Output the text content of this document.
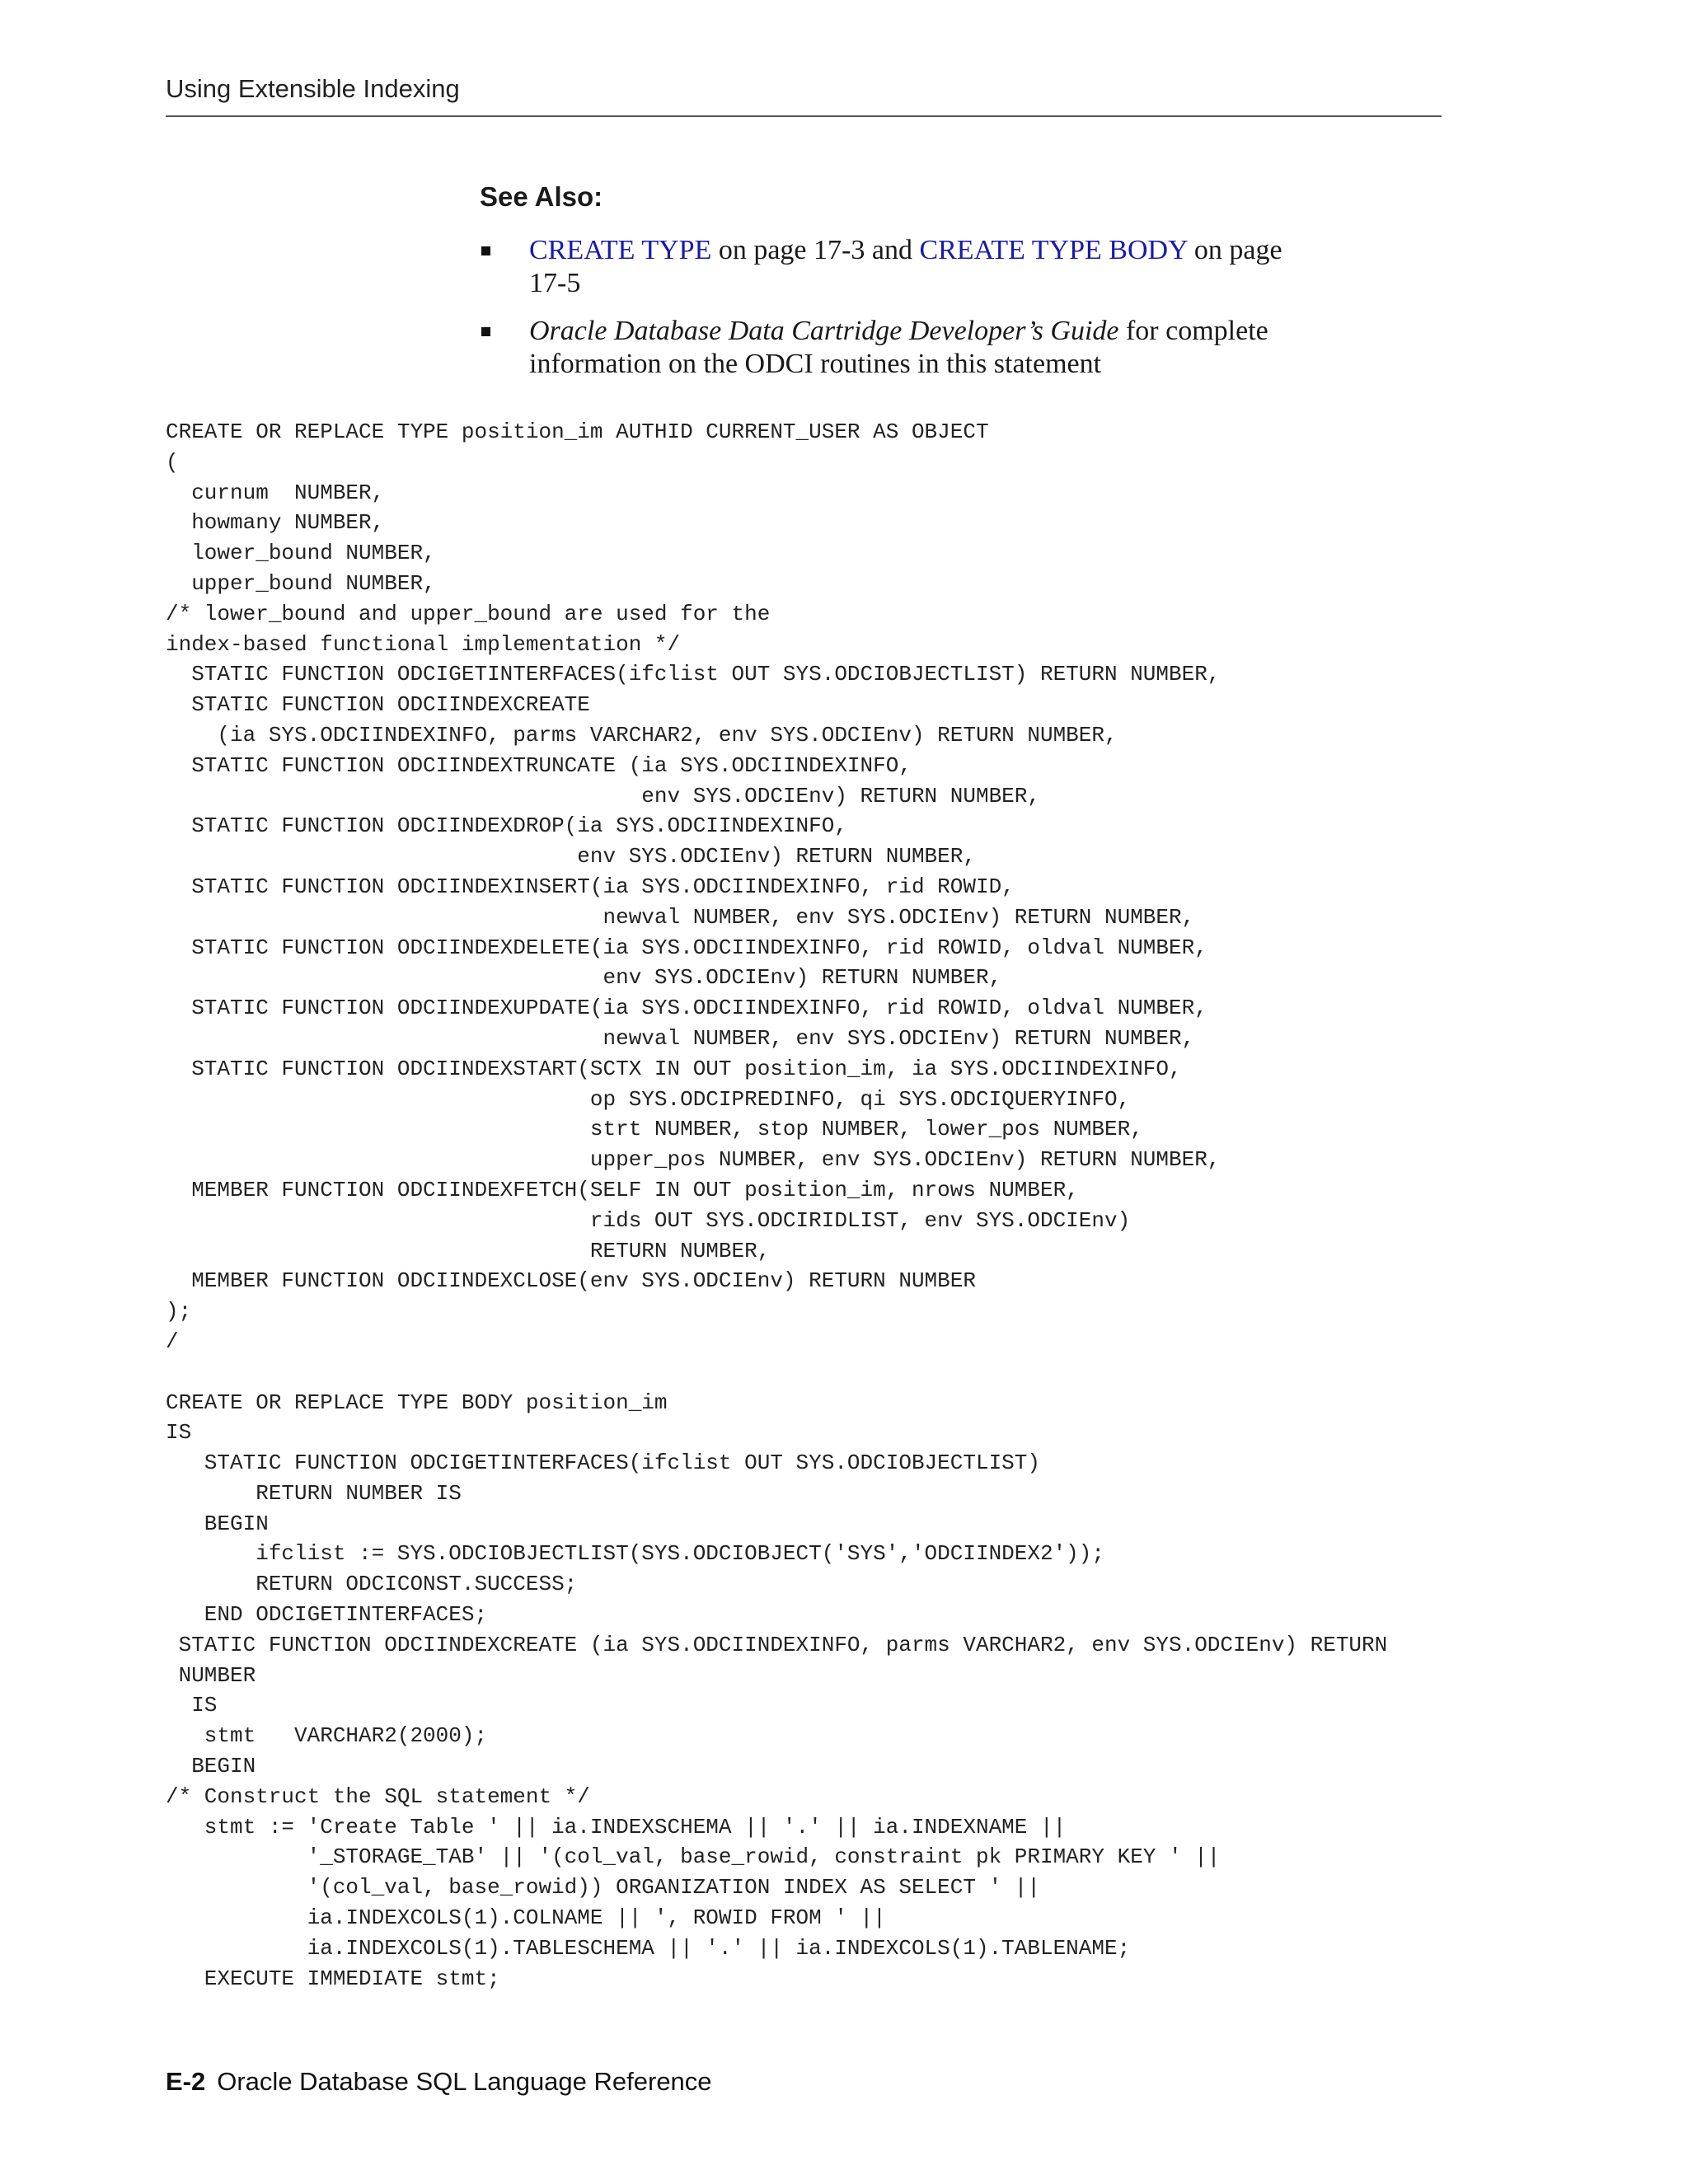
Using Extensible Indexing
See Also:
CREATE TYPE on page 17-3 and CREATE TYPE BODY on page 17-5
Oracle Database Data Cartridge Developer’s Guide for complete information on the ODCI routines in this statement
CREATE OR REPLACE TYPE position_im AUTHID CURRENT_USER AS OBJECT
(
curnum  NUMBER,
howmany NUMBER,
lower_bound NUMBER,
upper_bound NUMBER,
/* lower_bound and upper_bound are used for the
index-based functional implementation */
STATIC FUNCTION ODCIGETINTERFACES(ifclist OUT SYS.ODCIOBJECTLIST) RETURN NUMBER,
STATIC FUNCTION ODCIINDEXCREATE
(ia SYS.ODCIINDEXINFO, parms VARCHAR2, env SYS.ODCIEnv) RETURN NUMBER,
STATIC FUNCTION ODCIINDEXTRUNCATE (ia SYS.ODCIINDEXINFO,
env SYS.ODCIEnv) RETURN NUMBER,
STATIC FUNCTION ODCIINDEXDROP(ia SYS.ODCIINDEXINFO,
env SYS.ODCIEnv) RETURN NUMBER,
STATIC FUNCTION ODCIINDEXINSERT(ia SYS.ODCIINDEXINFO, rid ROWID,
newval NUMBER, env SYS.ODCIEnv) RETURN NUMBER,
STATIC FUNCTION ODCIINDEXDELETE(ia SYS.ODCIINDEXINFO, rid ROWID, oldval NUMBER,
env SYS.ODCIEnv) RETURN NUMBER,
STATIC FUNCTION ODCIINDEXUPDATE(ia SYS.ODCIINDEXINFO, rid ROWID, oldval NUMBER,
newval NUMBER, env SYS.ODCIEnv) RETURN NUMBER,
STATIC FUNCTION ODCIINDEXSTART(SCTX IN OUT position_im, ia SYS.ODCIINDEXINFO,
op SYS.ODCIPREDINFO, qi SYS.ODCIQUERYINFO,
strt NUMBER, stop NUMBER, lower_pos NUMBER,
upper_pos NUMBER, env SYS.ODCIEnv) RETURN NUMBER,
MEMBER FUNCTION ODCIINDEXFETCH(SELF IN OUT position_im, nrows NUMBER,
rids OUT SYS.ODCIRIDLIST, env SYS.ODCIEnv)
RETURN NUMBER,
MEMBER FUNCTION ODCIINDEXCLOSE(env SYS.ODCIEnv) RETURN NUMBER
);
/

CREATE OR REPLACE TYPE BODY position_im
IS
STATIC FUNCTION ODCIGETINTERFACES(ifclist OUT SYS.ODCIOBJECTLIST)
RETURN NUMBER IS
BEGIN
ifclist := SYS.ODCIOBJECTLIST(SYS.ODCIOBJECT('SYS','ODCIINDEX2'));
RETURN ODCICONST.SUCCESS;
END ODCIGETINTERFACES;
STATIC FUNCTION ODCIINDEXCREATE (ia SYS.ODCIINDEXINFO, parms VARCHAR2, env SYS.ODCIEnv) RETURN
NUMBER
IS
stmt   VARCHAR2(2000);
BEGIN
/* Construct the SQL statement */
stmt := 'Create Table ' || ia.INDEXSCHEMA || '.' || ia.INDEXNAME ||
'_STORAGE_TAB' || '(col_val, base_rowid, constraint pk PRIMARY KEY ' ||
'(col_val, base_rowid)) ORGANIZATION INDEX AS SELECT ' ||
ia.INDEXCOLS(1).COLNAME || ', ROWID FROM ' ||
ia.INDEXCOLS(1).TABLESCHEMA || '.' || ia.INDEXCOLS(1).TABLENAME;
EXECUTE IMMEDIATE stmt;
E-2 Oracle Database SQL Language Reference
